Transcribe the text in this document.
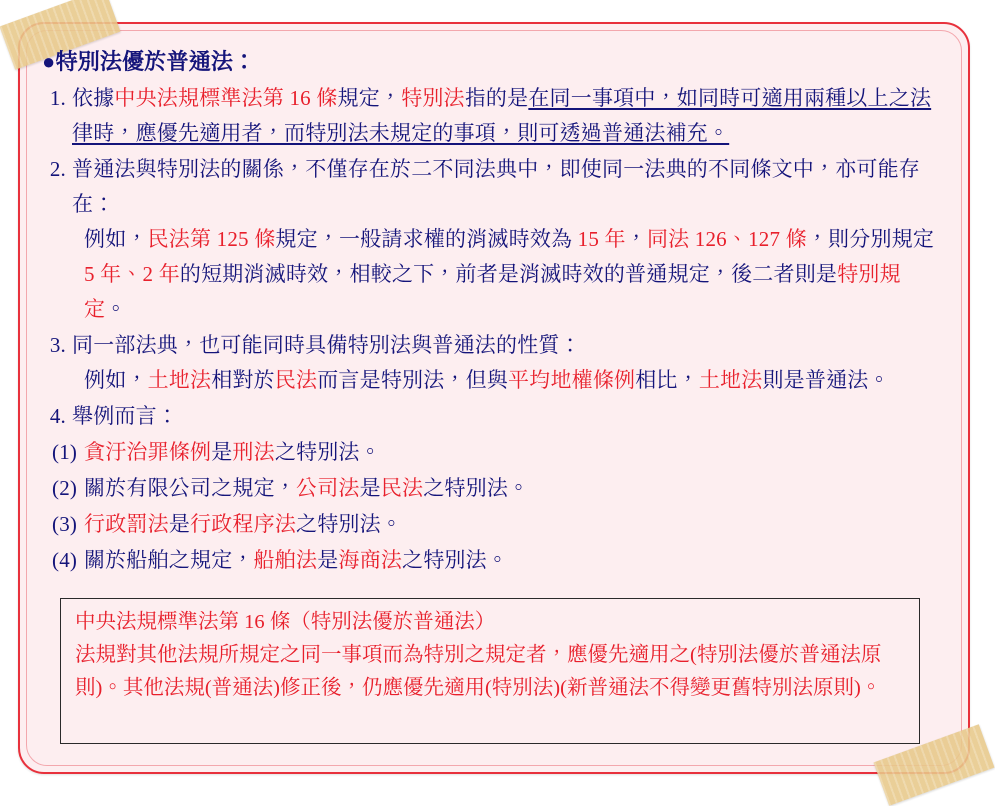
●特別法優於普通法：
1. 依據中央法規標準法第 16 條規定，特別法指的是在同一事項中，如同時可適用兩種以上之法律時，應優先適用者，而特別法未規定的事項，則可透過普通法補充。
2. 普通法與特別法的關係，不僅存在於二不同法典中，即使同一法典的不同條文中，亦可能存在：
例如，民法第 125 條規定，一般請求權的消滅時效為 15 年，同法 126、127 條，則分別規定 5 年、2 年的短期消滅時效，相較之下，前者是消滅時效的普通規定，後二者則是特別規定。
3. 同一部法典，也可能同時具備特別法與普通法的性質：
例如，土地法相對於民法而言是特別法，但與平均地權條例相比，土地法則是普通法。
4. 舉例而言：
(1) 貪汙治罪條例是刑法之特別法。
(2) 關於有限公司之規定，公司法是民法之特別法。
(3) 行政罰法是行政程序法之特別法。
(4) 關於船舶之規定，船舶法是海商法之特別法。
中央法規標準法第 16 條（特別法優於普通法）
法規對其他法規所規定之同一事項而為特別之規定者，應優先適用之(特別法優於普通法原則)。其他法規(普通法)修正後，仍應優先適用(特別法)(新普通法不得變更舊特別法原則)。
